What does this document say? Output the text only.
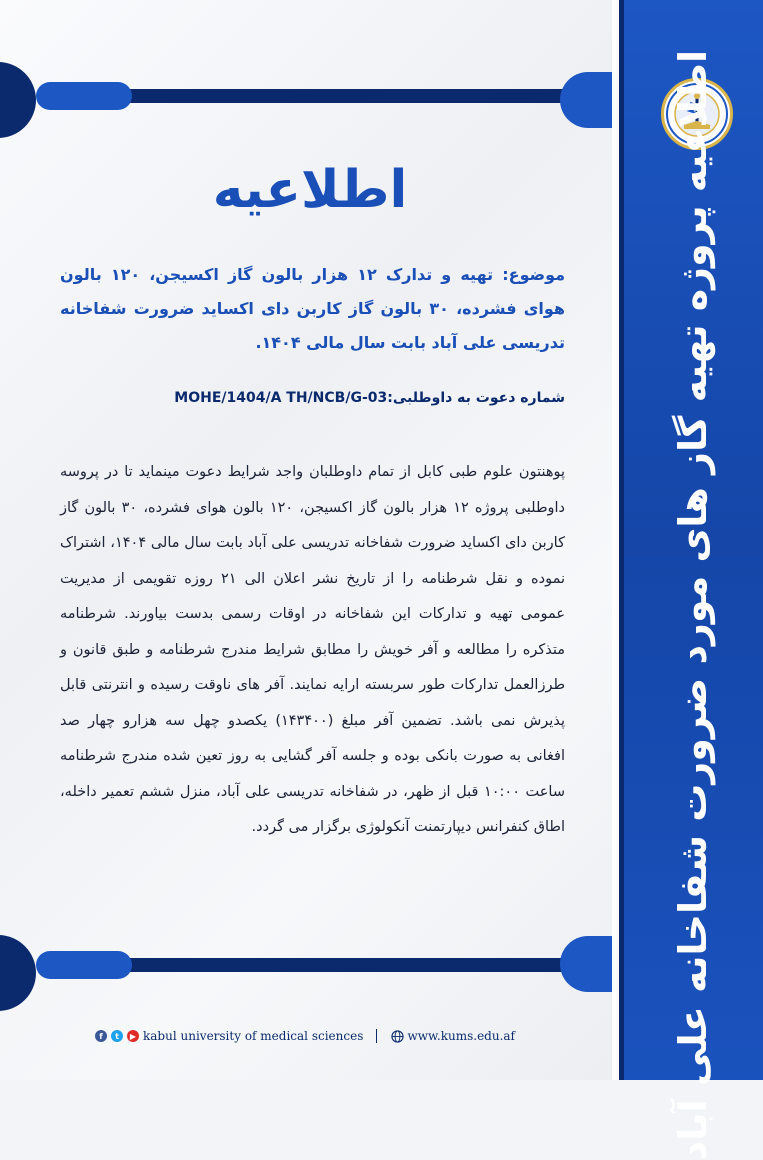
اطلاعیه پروژه تهیه گاز های مورد ضرورت شفاخانه علی آباد
اطلاعیه
موضوع: تهیه و تدارک ۱۲ هزار بالون گاز اکسیجن، ۱۲۰ بالون هوای فشرده، ۳۰ بالون گاز کاربن دای اکساید ضرورت شفاخانه تدریسی علی آباد بابت سال مالی ۱۴۰۴.
شماره دعوت به داوطلبی:MOHE/1404/A TH/NCB/G-03
پوهنتون علوم طبی کابل از تمام داوطلبان واجد شرایط دعوت مینماید تا در پروسه داوطلبی پروژه ۱۲ هزار بالون گاز اکسیجن، ۱۲۰ بالون هوای فشرده، ۳۰ بالون گاز کاربن دای اکساید ضرورت شفاخانه تدریسی علی آباد بابت سال مالی ۱۴۰۴، اشتراک نموده و نقل شرطنامه را از تاریخ نشر اعلان الی ۲۱ روزه تقویمی از مدیریت عمومی تهیه و تدارکات این شفاخانه در اوقات رسمی بدست بیاورند. شرطنامه متذکره را مطالعه و آفر خویش را مطابق شرایط مندرج شرطنامه و طبق قانون و طرزالعمل تدارکات طور سربسته ارایه نمایند. آفر های ناوقت رسیده و انترنتی قابل پذیرش نمی باشد. تضمین آفر مبلغ (۱۴۳۴۰۰) یکصدو چهل سه هزارو چهار صد افغانی به صورت بانکی بوده و جلسه آفر گشایی به روز تعین شده مندرج شرطنامه ساعت ۱۰:۰۰ قبل از ظهر، در شفاخانه تدریسی علی آباد، منزل ششم تعمیر داخله، اطاق کنفرانس دیپارتمنت آنکولوژی برگزار می گردد.
f	t	▶ kabul university of medical sciences	www.kums.edu.af
